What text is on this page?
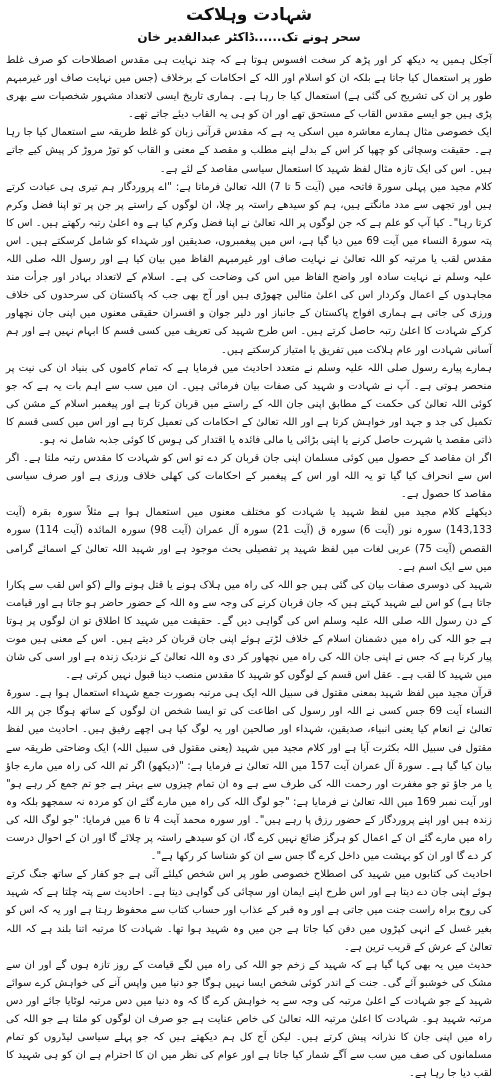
شہادت وہلاکت
سحر ہونے تک......ڈاکٹر عبدالقدیر خان

آجکل ہمیں یہ دیکھ کر اور پڑھ کر سخت افسوس ہوتا ہے کہ چند نہایت ہی مقدس اصطلاحات کو صرف غلط طور پر استعمال کیا جاتا ہے بلکہ ان کو اسلام اور اللہ کے احکامات کے برخلاف (جس میں نہایت صاف اور غیرمبہم طور پر ان کی تشریح کی گئی ہے) استعمال کیا جا رہا ہے۔ ہماری تاریخ ایسی لاتعداد مشہور شخصیات سے بھری پڑی ہیں جو ایسے مقدس القاب کے مستحق تھے اور ان کو ہی یہ القاب دیئے جاتے تھے۔

ایک خصوصی مثال ہمارے معاشرہ میں اسکی یہ ہے کہ مقدس قرآنی زبان کو غلط طریقہ سے استعمال کیا جا رہا ہے۔ حقیقت وسچائی کو چھپا کر اس کے بدلے اپنے مطلب و مقصد کے معنی و القاب کو توڑ مروڑ کر پیش کیے جاتے ہیں۔ اس کی ایک تازہ مثال لفظ شہید کا استعمال سیاسی مقاصد کے لئے ہے۔

کلام مجید میں پہلی سورۃ فاتحہ میں (آیت 5 تا 7) اللہ تعالیٰ فرماتا ہے: "اے پروردگار ہم تیری ہی عبادت کرتے ہیں اور تجھی سے مدد مانگتے ہیں، ہم کو سیدھے راستہ پر چلا، ان لوگوں کے راستے پر جن پر تو اپنا فضل وکرم کرتا رہا"۔ کیا آپ کو علم ہے کہ جن لوگوں پر اللہ تعالیٰ نے اپنا فضل وکرم کیا ہے وہ اعلیٰ رتبہ رکھتے ہیں۔ اس کا پتہ سورۃ النساء میں آیت 69 میں دیا گیا ہے، اس میں پیغمبروں، صدیقین اور شہداء کو شامل کرسکتے ہیں۔ اس مقدس لقب یا مرتبہ کو اللہ تعالیٰ نے نہایت صاف اور غیرمبہم الفاظ میں بیان کیا ہے اور رسول اللہ صلی اللہ علیہ وسلم نے نہایت سادہ اور واضح الفاظ میں اس کی وضاحت کی ہے۔ اسلام کے لاتعداد بہادر اور جرأت مند مجاہدوں کے اعمال وکردار اس کی اعلیٰ مثالیں چھوڑی ہیں اور آج بھی جب کہ پاکستان کی سرحدوں کی خلاف ورزی کی جاتی ہے ہماری افواج پاکستان کے جانباز اور دلیر جوان و افسران حقیقی معنوں میں اپنی جان نچھاور کرکے شہادت کا اعلیٰ رتبہ حاصل کرتے ہیں۔ اس طرح شہید کی تعریف میں کسی قسم کا ابہام نہیں ہے اور ہم آسانی شہادت اور عام ہلاکت میں تفریق یا امتیاز کرسکتے ہیں۔

ہمارے پیارے رسول صلی اللہ علیہ وسلم نے متعدد احادیث میں فرمایا ہے کہ تمام کاموں کی بنیاد ان کی نیت پر منحصر ہوتی ہے۔ آپ نے شہادت و شہید کی صفات بیان فرمائی ہیں۔ ان میں سب سے اہم بات یہ ہے کہ جو کوئی اللہ تعالیٰ کی حکمت کے مطابق اپنی جان اللہ کے راستے میں قربان کرتا ہے اور پیغمبر اسلام کے مشن کی تکمیل کی جد و جہد اور خواہش کرتا ہے اور اللہ تعالیٰ کے احکامات کی تعمیل کرتا ہے اور اس میں کسی قسم کا ذاتی مقصد یا شہرت حاصل کرنے یا اپنی بڑائی یا مالی فائدہ یا اقتدار کی ہوس کا کوئی جذبہ شامل نہ ہو۔

اگر ان مقاصد کے حصول میں کوئی مسلمان اپنی جان قربان کر دے تو اس کو شہادت کا مقدس رتبہ ملتا ہے۔ اگر اس سے انحراف کیا گیا تو یہ اللہ اور اس کے پیغمبر کے احکامات کی کھلی خلاف ورزی ہے اور صرف سیاسی مقاصد کا حصول ہے۔

دیکھئے کلام مجید میں لفظ شہید یا شہادت کو مختلف معنوں میں استعمال ہوا ہے مثلاً سورہ بقرہ (آیت 143,133) سورہ نور (آیت 6) سورہ ق (آیت 21) سورہ آل عمران (آیت 98) سورہ المائدہ (آیت 114) سورہ القصص (آیت 75) عربی لغات میں لفظ شہید پر تفصیلی بحث موجود ہے اور شہید اللہ تعالیٰ کے اسمائے گرامی میں سے ایک اسم ہے۔

شہید کی دوسری صفات بیان کی گئی ہیں جو اللہ کی راہ میں ہلاک ہونے یا قتل ہونے والے (کو اس لقب سے پکارا جاتا ہے) کو اس لیے شہید کہتے ہیں کہ جان قربان کرنے کی وجہ سے وہ اللہ کے حضور حاضر ہو جاتا ہے اور قیامت کے دن رسول اللہ صلی اللہ علیہ وسلم اس کی گواہی دیں گے۔ حقیقت میں شہید کا اطلاق تو ان لوگوں پر ہوتا ہے جو اللہ کی راہ میں دشمنان اسلام کے خلاف لڑتے ہوئے اپنی جان قربان کر دیتے ہیں۔ اس کے معنی ہیں موت پیار کرنا ہے کہ جس نے اپنی جان اللہ کی راہ میں نچھاور کر دی وہ اللہ تعالیٰ کے نزدیک زندہ ہے اور اسی کی شان میں شہید کا لقب ہے۔ عقل اس قسم کے لوگوں کو شہید کا مقدس منصب دینا قبول نہیں کرتی ہے۔

قرآن مجید میں لفظ شہید بمعنی مقتول فی سبیل اللہ ایک ہی مرتبہ بصورت جمع شہداء استعمال ہوا ہے۔ سورۃ النساء آیت 69 جس کسی نے اللہ اور رسول کی اطاعت کی تو ایسا شخص ان لوگوں کے ساتھ ہوگا جن پر اللہ تعالیٰ نے انعام کیا یعنی انبیاء، صدیقین، شہداء اور صالحین اور یہ لوگ کیا ہی اچھے رفیق ہیں۔ احادیث میں لفظ مقتول فی سبیل اللہ بکثرت آیا ہے اور کلام مجید میں شہید (یعنی مقتول فی سبیل اللہ) ایک وضاحتی طریقہ سے بیان کیا گیا ہے۔ سورۃ آل عمران آیت 157 میں اللہ تعالیٰ نے فرمایا ہے: "(دیکھو) اگر تم اللہ کی راہ میں مارے جاؤ یا مر جاؤ تو جو مغفرت اور رحمت اللہ کی طرف سے ہے وہ ان تمام چیزوں سے بہتر ہے جو تم جمع کر رہے ہو" اور آیت نمبر 169 میں اللہ تعالیٰ نے فرمایا ہے: "جو لوگ اللہ کی راہ میں مارے گئے ان کو مردہ نہ سمجھو بلکہ وہ زندہ ہیں اور اپنے پروردگار کے حضور رزق پا رہے ہیں"۔ اور سورہ محمد آیت 4 تا 6 میں فرمایا: "جو لوگ اللہ کی راہ میں مارے گئے ان کے اعمال کو ہرگز ضائع نہیں کرے گا، ان کو سیدھے راستہ پر چلائے گا اور ان کے احوال درست کر دے گا اور ان کو بہشت میں داخل کرے گا جس سے ان کو شناسا کر رکھا ہے"۔

احادیث کی کتابوں میں شہید کی اصطلاح خصوصی طور پر اس شخص کیلئے آئی ہے جو کفار کے ساتھ جنگ کرتے ہوئے اپنی جان دے دیتا ہے اور اس طرح اپنے ایمان اور سچائی کی گواہی دیتا ہے۔ احادیث سے پتہ چلتا ہے کہ شہید کی روح براہ راست جنت میں جاتی ہے اور وہ قبر کے عذاب اور حساب کتاب سے محفوظ رہتا ہے اور یہ کہ اس کو بغیر غسل کے انہی کپڑوں میں دفن کیا جاتا ہے جن میں وہ شہید ہوا تھا۔ شہادت کا مرتبہ اتنا بلند ہے کہ اللہ تعالیٰ کے عرش کے قریب ترین ہے۔

حدیث میں یہ بھی کہا گیا ہے کہ شہید کے زخم جو اللہ کی راہ میں لگے قیامت کے روز تازہ ہوں گے اور ان سے مشک کی خوشبو آئے گی۔ جنت کے اندر کوئی شخص ایسا نہیں ہوگا جو دنیا میں واپس آنے کی خواہش کرے سوائے شہید کے جو شہادت کے اعلیٰ مرتبہ کی وجہ سے یہ خواہش کرے گا کہ وہ دنیا میں دس مرتبہ لوٹایا جائے اور دس مرتبہ شہید ہو۔ شہادت کا اعلیٰ مرتبہ اللہ تعالیٰ کی خاص عنایت ہے جو صرف ان لوگوں کو ملتا ہے جو اللہ کی راہ میں اپنی جان کا نذرانہ پیش کرتے ہیں۔ لیکن آج کل ہم دیکھتے ہیں کہ جو پہلے سیاسی لیڈروں کو تمام مسلمانوں کی صف میں سب سے آگے شمار کیا جاتا ہے اور عوام کی نظر میں ان کا احترام ہے ان کو ہی شہید کا لقب دیا جا رہا ہے۔
